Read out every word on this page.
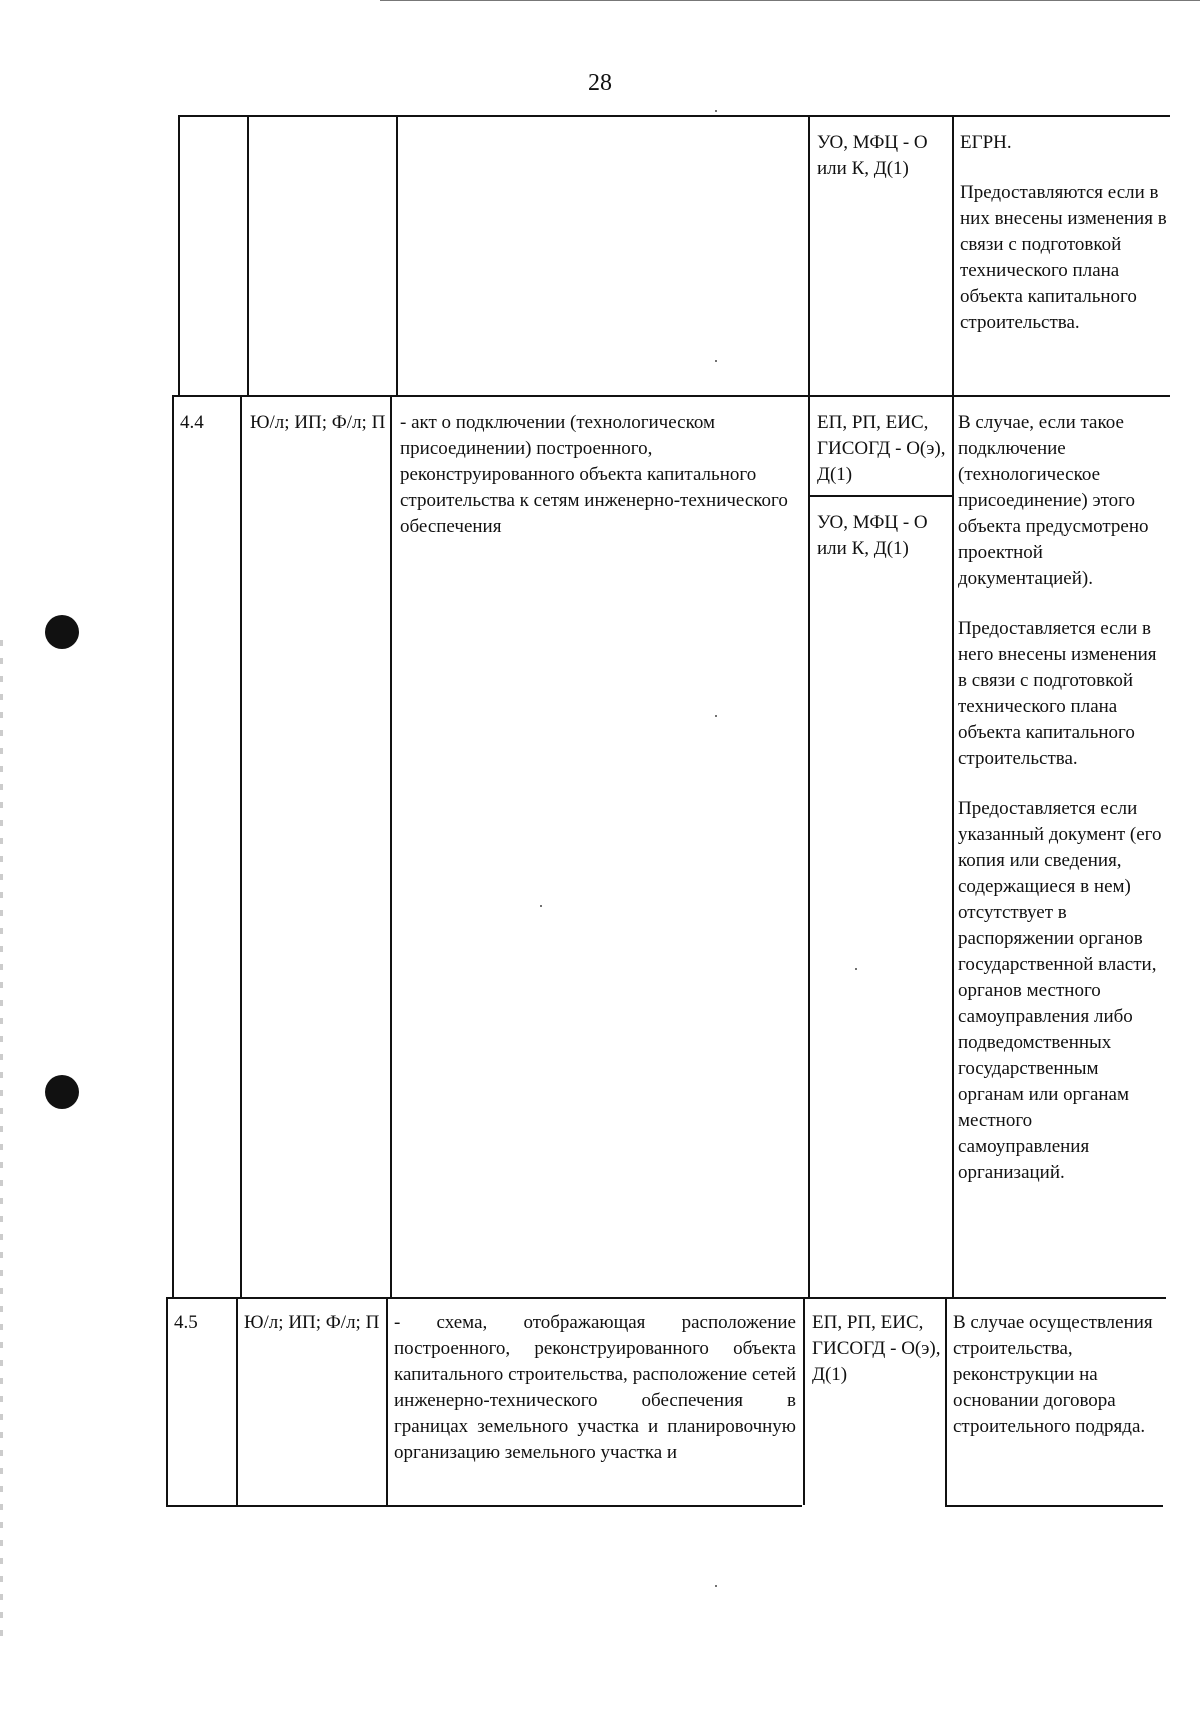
28
УО, МФЦ - О или К, Д(1)

ЕГРН.

Предоставляются если в них внесены изменения в связи с подготовкой технического плана объекта капитального строительства.

4.4	Ю/л; ИП; Ф/л; П - акт о подключении (технологическом присоединении) построенного, реконструированного объекта капитального строительства к сетям инженерно-технического обеспечения
ЕП, РП, ЕИС, ГИСОГД - О(э), Д(1)
УО, МФЦ - О или К, Д(1)

В случае, если такое подключение (технологическое присоединение) этого объекта предусмотрено проектной документацией).

Предоставляется если в него внесены изменения в связи с подготовкой технического плана объекта капитального строительства.

Предоставляется если указанный документ (его копия или сведения, содержащиеся в нем) отсутствует в распоряжении органов государственной власти, органов местного самоуправления либо подведомственных государственным органам или органам местного самоуправления организаций.

4.5	Ю/л; ИП; Ф/л; П - схема, отображающая расположение построенного, реконструированного объекта капитального строительства, расположение сетей инженерно-технического обеспечения в границах земельного участка и планировочную организацию земельного участка и
ЕП, РП, ЕИС, ГИСОГД - О(э), Д(1)
В случае осуществления строительства, реконструкции на основании договора строительного подряда.
